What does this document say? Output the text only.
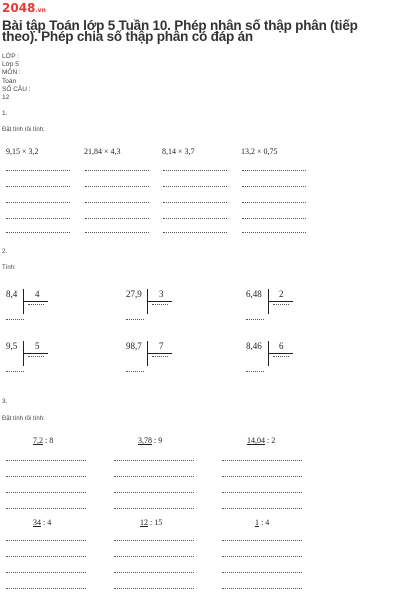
2048.vn
Bài tập Toán lớp 5 Tuần 10. Phép nhân số thập phân (tiếp theo). Phép chia số thập phân có đáp án
LỚP :
Lớp 5
MÔN :
Toán
SỐ CÂU :
12
1.
Đặt tính rồi tính:
9,15 × 3,2	21,84 × 4,3	8,14 × 3,7	13,2 × 0,75
2.
Tính:
8,4 4	27,9 3	6,48 2
9,5 5	98,7 7	8,46 6
3.
Đặt tính rồi tính:
7,2 : 8	3,78 : 9	14,04 : 2
34 : 4	12 : 15	1 : 4
